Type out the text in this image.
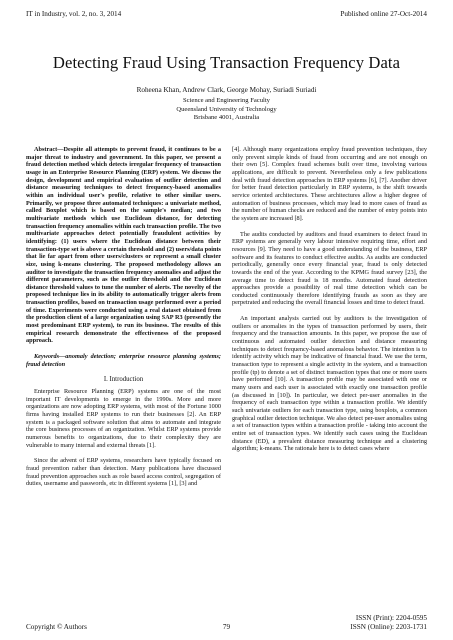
IT in Industry, vol. 2, no. 3, 2014	Published online 27-Oct-2014
Detecting Fraud Using Transaction Frequency Data
Roheena Khan, Andrew Clark, George Mohay, Suriadi Suriadi
Science and Engineering Faculty
Queensland University of Technology
Brisbane 4001, Australia

Abstract—Despite all attempts to prevent fraud, it continues to be a major threat to industry and government. In this paper, we present a fraud detection method which detects irregular frequency of transaction usage in an Enterprise Resource Planning (ERP) system. We discuss the design, development and empirical evaluation of outlier detection and distance measuring techniques to detect frequency-based anomalies within an individual user's profile, relative to other similar users. Primarily, we propose three automated techniques: a univariate method, called Boxplot which is based on the sample's median; and two multivariate methods which use Euclidean distance, for detecting transaction frequency anomalies within each transaction profile. The two multivariate approaches detect potentially fraudulent activities by identifying: (1) users where the Euclidean distance between their transaction-type set is above a certain threshold and (2) users/data points that lie far apart from other users/clusters or represent a small cluster size, using k-means clustering. The proposed methodology allows an auditor to investigate the transaction frequency anomalies and adjust the different parameters, such as the outlier threshold and the Euclidean distance threshold values to tune the number of alerts. The novelty of the proposed technique lies in its ability to automatically trigger alerts from transaction profiles, based on transaction usage performed over a period of time. Experiments were conducted using a real dataset obtained from the production client of a large organization using SAP R3 (presently the most predominant ERP system), to run its business. The results of this empirical research demonstrate the effectiveness of the proposed approach.

Keywords—anomaly detection; enterprise resource planning systems; fraud detection

I. Introduction

Enterprise Resource Planning (ERP) systems are one of the most important IT developments to emerge in the 1990s. More and more organizations are now adopting ERP systems, with most of the Fortune 1000 firms having installed ERP systems to run their businesses [2]. An ERP system is a packaged software solution that aims to automate and integrate the core business processes of an organization. Whilst ERP systems provide numerous benefits to organizations, due to their complexity they are vulnerable to many internal and external threats [1].

Since the advent of ERP systems, researchers have typically focused on fraud prevention rather than detection. Many publications have discussed fraud prevention approaches such as role based access control, segregation of duties, username and passwords, etc in different systems [1], [3] and

[4]. Although many organizations employ fraud prevention techniques, they only prevent simple kinds of fraud from occurring and are not enough on their own [5]. Complex fraud schemes built over time, involving various applications, are difficult to prevent. Nevertheless only a few publications deal with fraud detection approaches in ERP systems [6], [7]. Another driver for better fraud detection particularly in ERP systems, is the shift towards service oriented architectures. These architectures allow a higher degree of automation of business processes, which may lead to more cases of fraud as the number of human checks are reduced and the number of entry points into the system are increased [8].

The audits conducted by auditors and fraud examiners to detect fraud in ERP systems are generally very labour intensive requiring time, effort and resources [9]. They need to have a good understanding of the business, ERP software and its features to conduct effective audits. As audits are conducted periodically, generally once every financial year, fraud is only detected towards the end of the year. According to the KPMG fraud survey [23], the average time to detect fraud is 18 months. Automated fraud detection approaches provide a possibility of real time detection which can be conducted continuously therefore identifying frauds as soon as they are perpetrated and reducing the overall financial losses and time to detect fraud.

An important analysis carried out by auditors is the investigation of outliers or anomalies in the types of transaction performed by users, their frequency and the transaction amounts. In this paper, we propose the use of continuous and automated outlier detection and distance measuring techniques to detect frequency-based anomalous behavior. The intention is to identify activity which may be indicative of financial fraud. We use the term, transaction type to represent a single activity in the system, and a transaction profile (tp) to denote a set of distinct transaction types that one or more users have performed [10]. A transaction profile may be associated with one or many users and each user is associated with exactly one transaction profile (as discussed in [10]). In particular, we detect per-user anomalies in the frequency of each transaction type within a transaction profile. We identify such univariate outliers for each transaction type, using boxplots, a common graphical outlier detection technique. We also detect per-user anomalies using a set of transaction types within a transaction profile - taking into account the entire set of transaction types. We identify such cases using the Euclidean distance (ED), a prevalent distance measuring technique and a clustering algorithm; k-means. The rationale here is to detect cases where

Copyright © Authors	79
ISSN (Print): 2204-0595
ISSN (Online): 2203-1731
